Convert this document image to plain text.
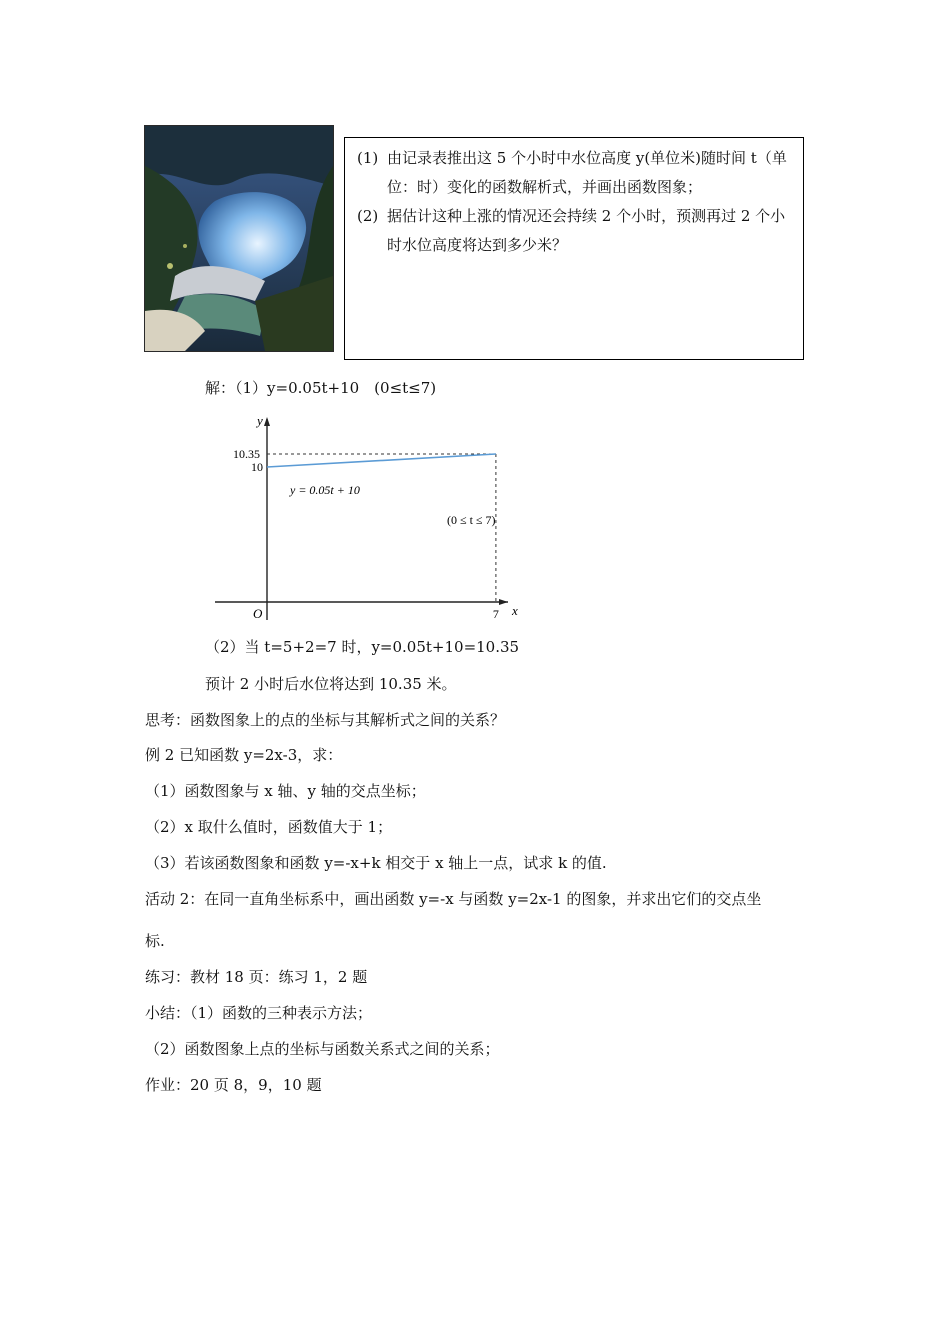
(1) 由记录表推出这 5 个小时中水位高度 y(单位米)随时间 t（单位：时）变化的函数解析式，并画出函数图象；
(2) 据估计这种上涨的情况还会持续 2 个小时，预测再过 2 个小时水位高度将达到多少米？
解：（1）y=0.05t+10　(0≤t≤7)
x
y
O	7
10.35
10
y = 0.05t + 10
(0 ≤ t ≤ 7)
（2）当 t=5+2=7 时，y=0.05t+10=10.35
预计 2 小时后水位将达到 10.35 米。
思考：函数图象上的点的坐标与其解析式之间的关系？
例 2 已知函数 y=2x-3，求：
（1）函数图象与 x 轴、y 轴的交点坐标；
（2）x 取什么值时，函数值大于 1；
（3）若该函数图象和函数 y=-x+k 相交于 x 轴上一点，试求 k 的值.
活动 2：在同一直角坐标系中，画出函数 y=-x 与函数 y=2x-1 的图象，并求出它们的交点坐
标.
练习：教材 18 页：练习 1，2 题
小结：（1）函数的三种表示方法；
（2）函数图象上点的坐标与函数关系式之间的关系；
作业：20 页 8，9，10 题
